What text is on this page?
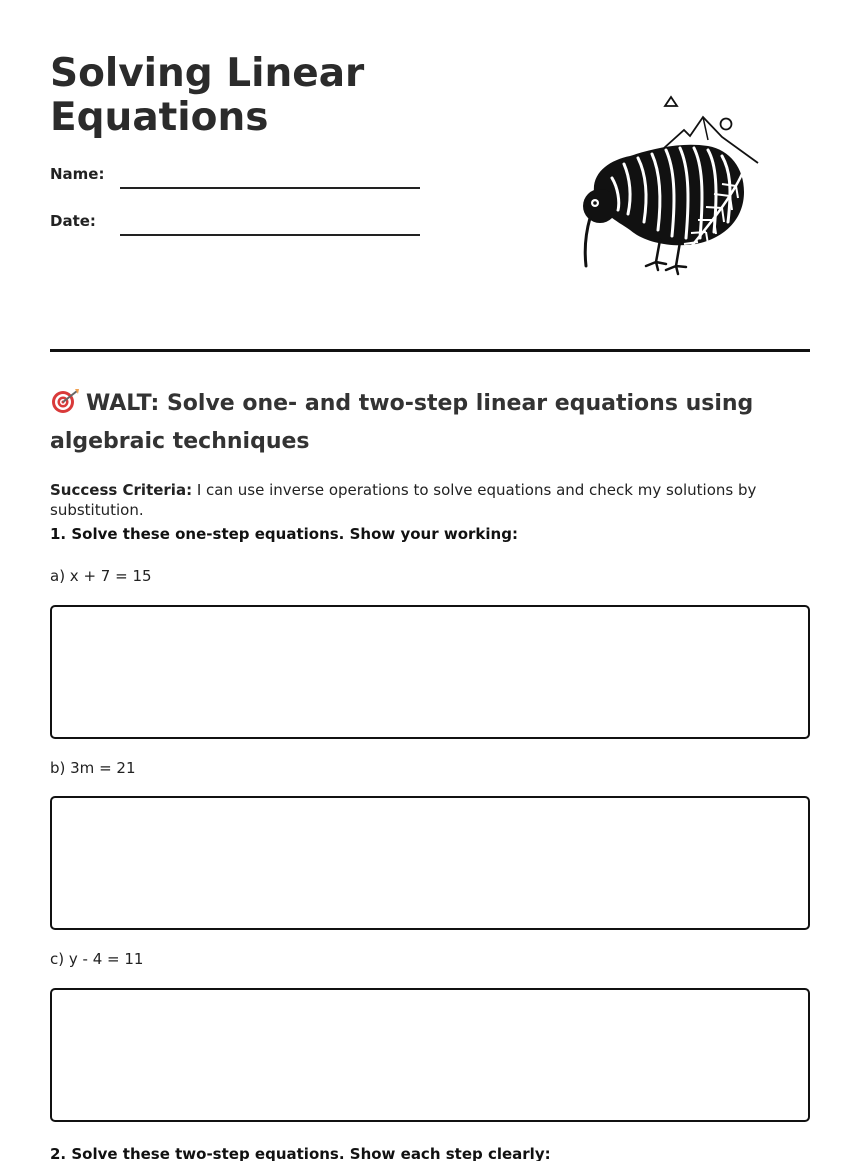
Solving Linear Equations
Name:
Date:
WALT: Solve one- and two-step linear equations using algebraic techniques
Success Criteria: I can use inverse operations to solve equations and check my solutions by substitution.
1. Solve these one-step equations. Show your working:
a) x + 7 = 15
b) 3m = 21
c) y - 4 = 11
2. Solve these two-step equations. Show each step clearly:
